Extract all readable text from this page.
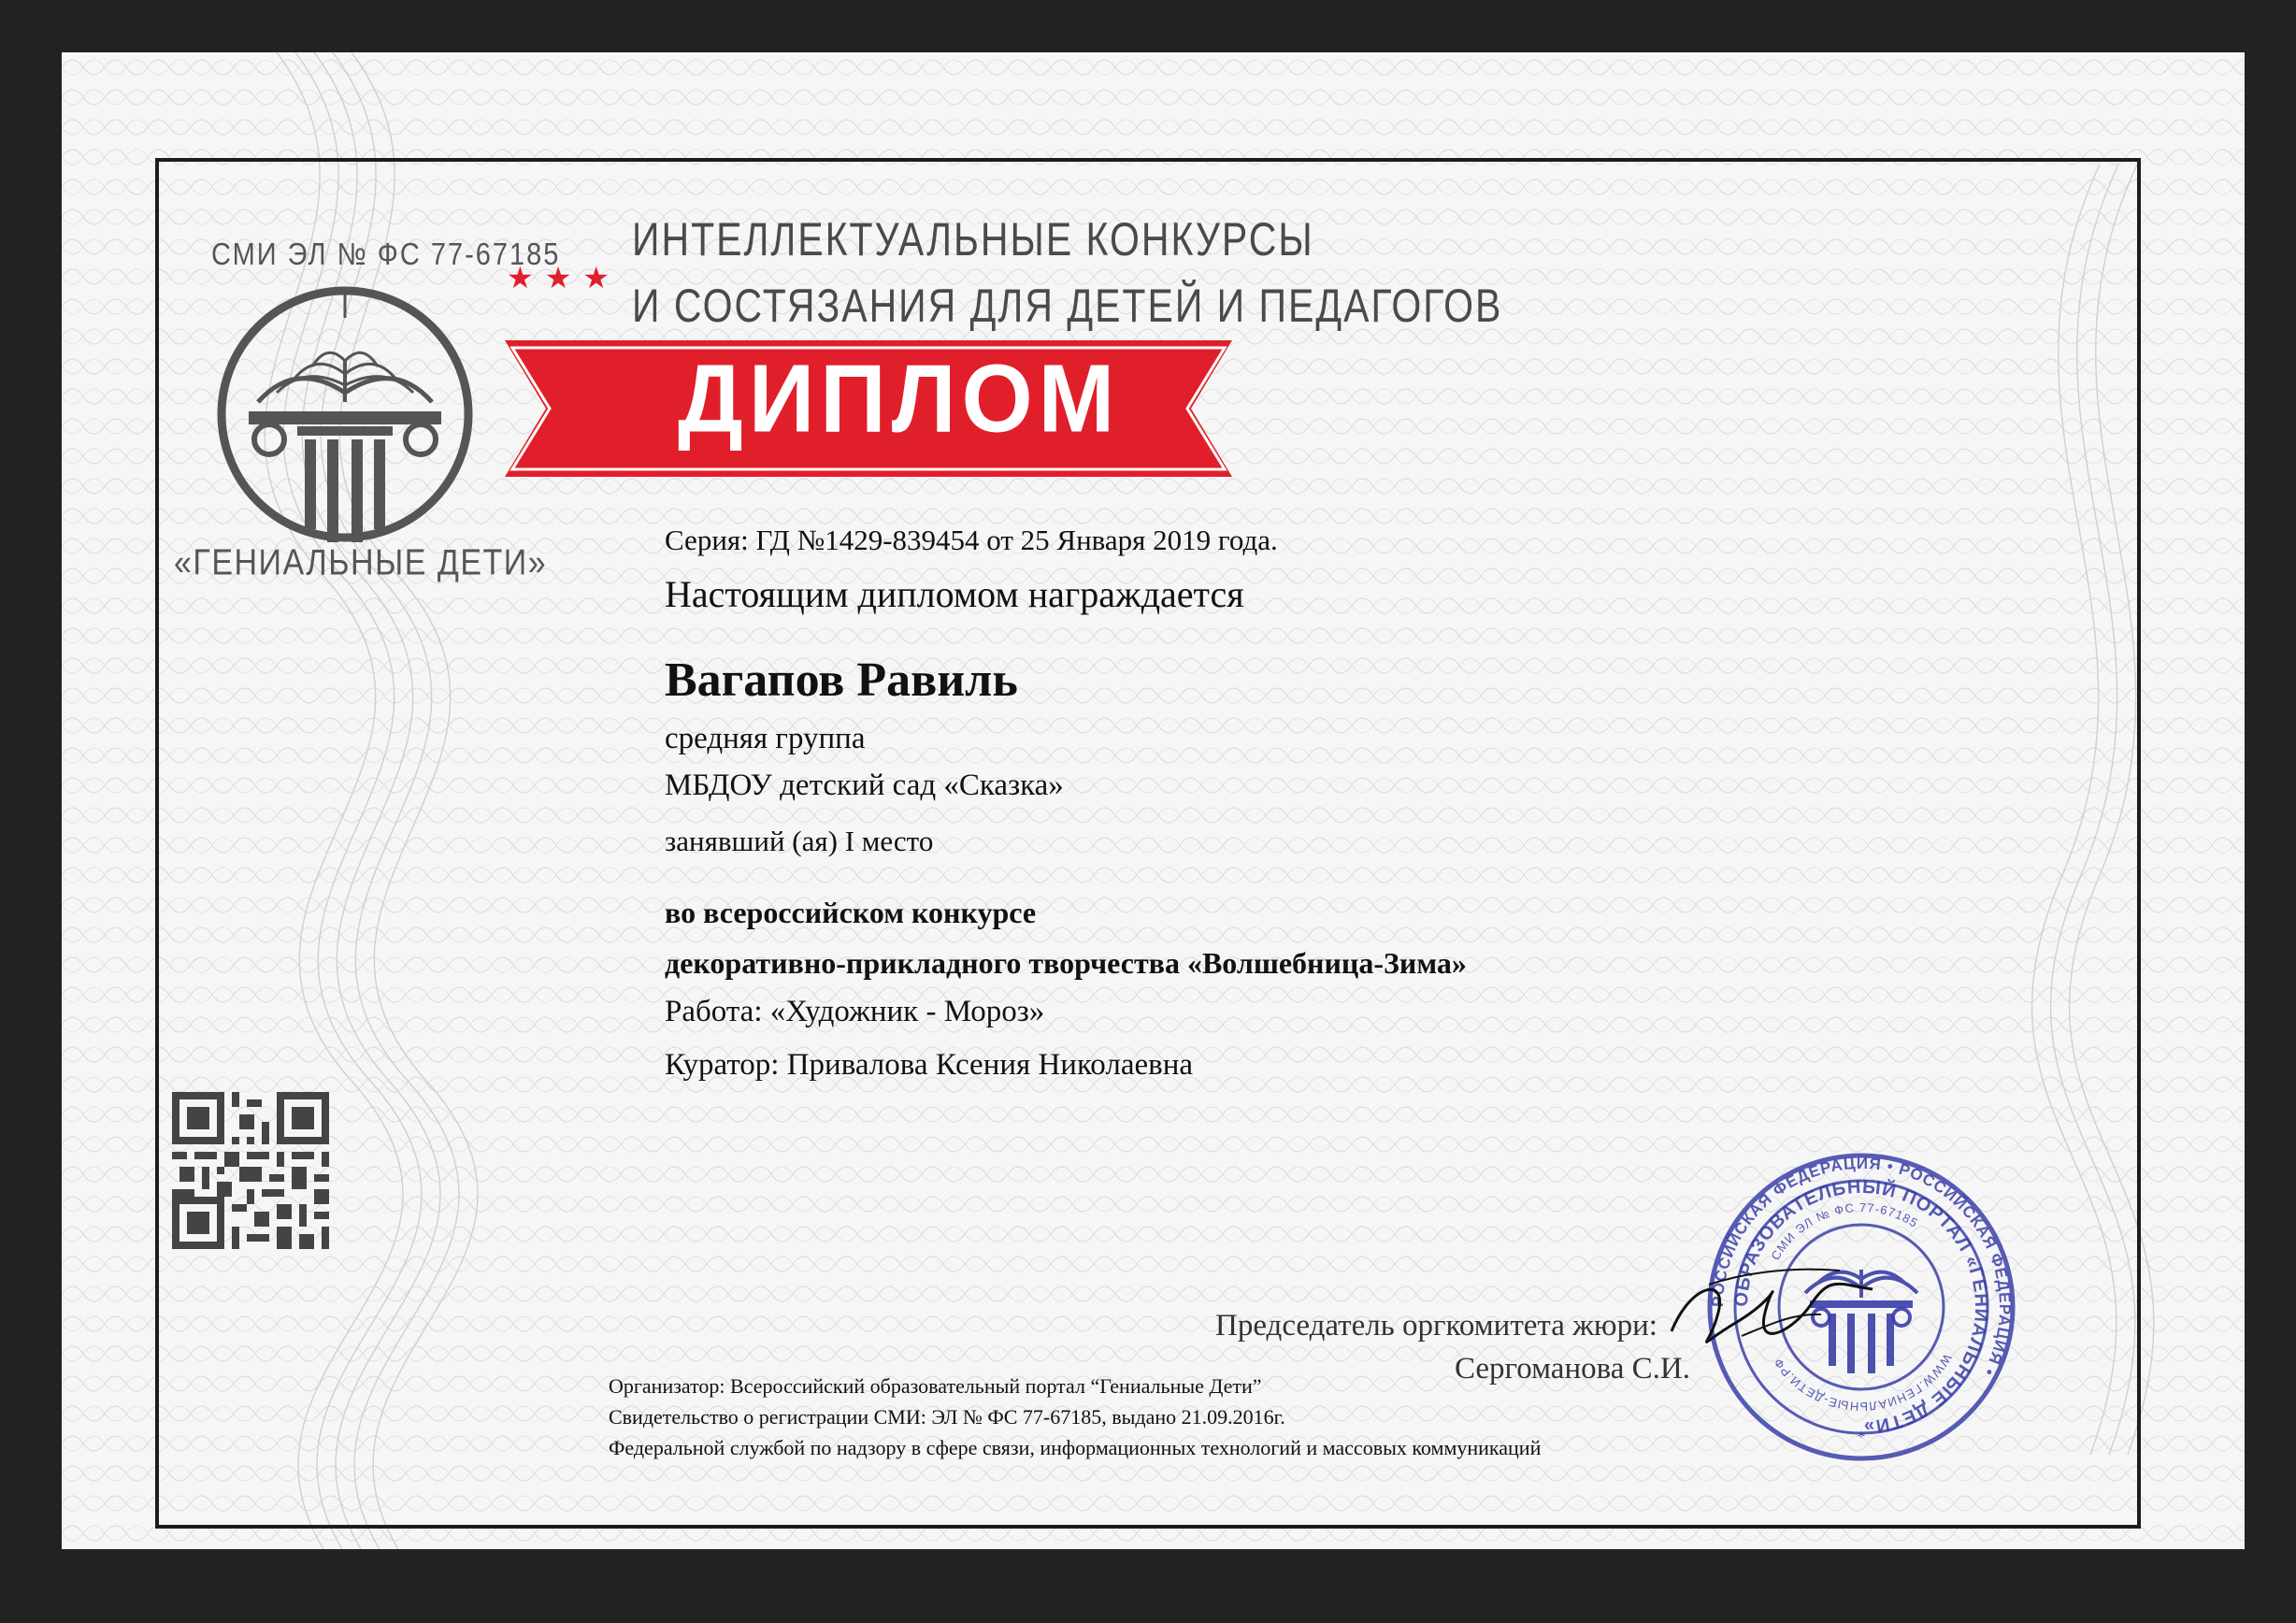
СМИ ЭЛ № ФС 77-67185
«ГЕНИАЛЬНЫЕ ДЕТИ»
★★★
ИНТЕЛЛЕКТУАЛЬНЫЕ КОНКУРСЫ
И СОСТЯЗАНИЯ ДЛЯ ДЕТЕЙ И ПЕДАГОГОВ
ДИПЛОМ
Серия: ГД №1429-839454 от 25 Января 2019 года.
Настоящим дипломом награждается
Вагапов Равиль
средняя группа
МБДОУ детский сад «Сказка»
занявший (ая) I место
во всероссийском конкурсе
декоративно-прикладного творчества «Волшебница-Зима»
Работа: «Художник - Мороз»
Куратор: Привалова Ксения Николаевна
Председатель оргкомитета жюри:
Сергоманова С.И.
Организатор: Всероссийский образовательный портал “Гениальные Дети”
Свидетельство о регистрации СМИ: ЭЛ № ФС 77-67185, выдано 21.09.2016г.
Федеральной службой по надзору в сфере связи, информационных технологий и массовых коммуникаций
РОССИЙСКАЯ ФЕДЕРАЦИЯ • РОССИЙСКАЯ ФЕДЕРАЦИЯ •
ОБРАЗОВАТЕЛЬНЫЙ ПОРТАЛ «ГЕНИАЛЬНЫЕ ДЕТИ»
СМИ ЭЛ № ФС 77-67185
WWW.ГЕНИАЛЬНЫЕ-ДЕТИ.РФ
*
